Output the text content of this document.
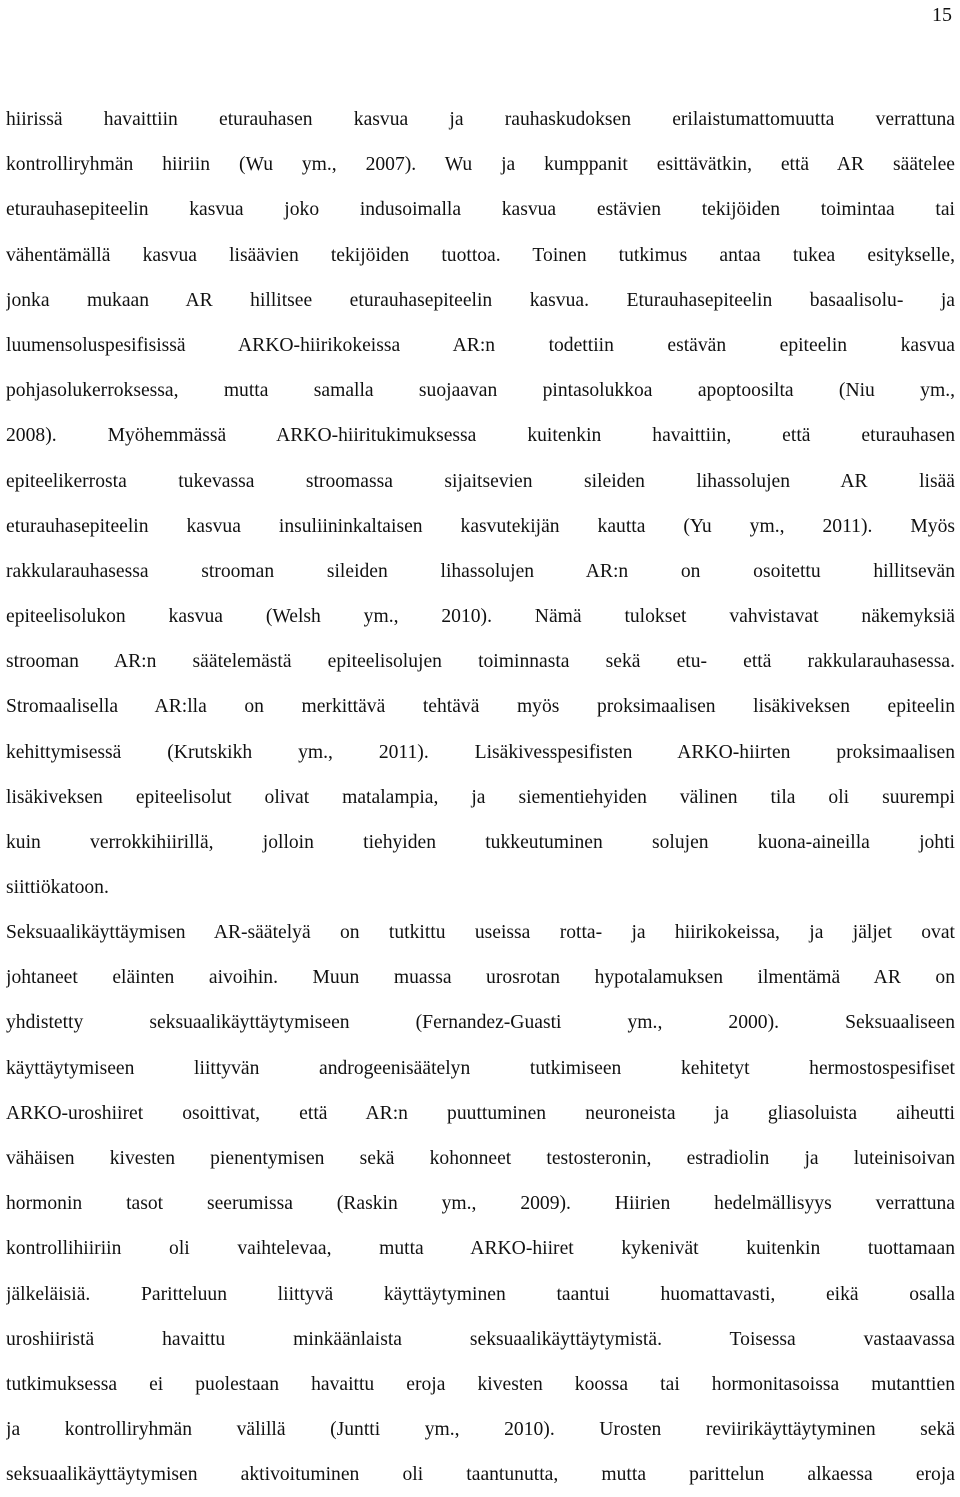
15
hiirissä havaittiin eturauhasen kasvua ja rauhaskudoksen erilaistumattomuutta verrattuna
kontrolliryhmän hiiriin (Wu ym., 2007). Wu ja kumppanit esittävätkin, että AR säätelee
eturauhasepiteelin kasvua joko indusoimalla kasvua estävien tekijöiden toimintaa tai
vähentämällä kasvua lisäävien tekijöiden tuottoa. Toinen tutkimus antaa tukea esitykselle,
jonka mukaan AR hillitsee eturauhasepiteelin kasvua. Eturauhasepiteelin basaalisolu- ja
luumensoluspesifisissä ARKO-hiirikokeissa AR:n todettiin estävän epiteelin kasvua
pohjasolukerroksessa, mutta samalla suojaavan pintasolukkoa apoptoosilta (Niu ym.,
2008). Myöhemmässä ARKO-hiiritukimuksessa kuitenkin havaittiin, että eturauhasen
epiteelikerrosta tukevassa stroomassa sijaitsevien sileiden lihassolujen AR lisää
eturauhasepiteelin kasvua insuliininkaltaisen kasvutekijän kautta (Yu ym., 2011). Myös
rakkularauhasessa strooman sileiden lihassolujen AR:n on osoitettu hillitsevän
epiteelisolukon kasvua (Welsh ym., 2010). Nämä tulokset vahvistavat näkemyksiä
strooman AR:n säätelemästä epiteelisolujen toiminnasta sekä etu- että rakkularauhasessa.
Stromaalisella AR:lla on merkittävä tehtävä myös proksimaalisen lisäkiveksen epiteelin
kehittymisessä (Krutskikh ym., 2011). Lisäkivesspesifisten ARKO-hiirten proksimaalisen
lisäkiveksen epiteelisolut olivat matalampia, ja siementiehyiden välinen tila oli suurempi
kuin verrokkihiirillä, jolloin tiehyiden tukkeutuminen solujen kuona-aineilla johti
siittiökatoon.
Seksuaalikäyttäymisen AR-säätelyä on tutkittu useissa rotta- ja hiirikokeissa, ja jäljet ovat
johtaneet eläinten aivoihin. Muun muassa urosrotan hypotalamuksen ilmentämä AR on
yhdistetty seksuaalikäyttäytymiseen (Fernandez-Guasti ym., 2000). Seksuaaliseen
käyttäytymiseen liittyvän androgeenisäätelyn tutkimiseen kehitetyt hermostospesifiset
ARKO-uroshiiret osoittivat, että AR:n puuttuminen neuroneista ja gliasoluista aiheutti
vähäisen kivesten pienentymisen sekä kohonneet testosteronin, estradiolin ja luteinisoivan
hormonin tasot seerumissa (Raskin ym., 2009). Hiirien hedelmällisyys verrattuna
kontrollihiiriin oli vaihtelevaa, mutta ARKO-hiiret kykenivät kuitenkin tuottamaan
jälkeläisiä. Paritteluun liittyvä käyttäytyminen taantui huomattavasti, eikä osalla
uroshiiristä havaittu minkäänlaista seksuaalikäyttäytymistä. Toisessa vastaavassa
tutkimuksessa ei puolestaan havaittu eroja kivesten koossa tai hormonitasoissa mutanttien
ja kontrolliryhmän välillä (Juntti ym., 2010). Urosten reviirikäyttäytyminen sekä
seksuaalikäyttäytymisen aktivoituminen oli taantunutta, mutta parittelun alkaessa eroja
